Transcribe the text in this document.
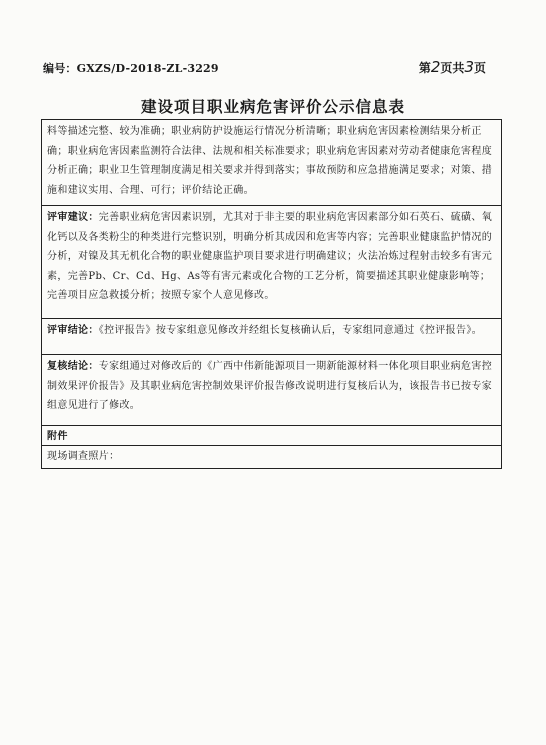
编号：GXZS/D-2018-ZL-3229	第2页共3页
建设项目职业病危害评价公示信息表
料等描述完整、较为准确；职业病防护设施运行情况分析清晰；职业病危害因素检测结果分析正确；职业病危害因素监测符合法律、法规和相关标准要求；职业病危害因素对劳动者健康危害程度分析正确；职业卫生管理制度满足相关要求并得到落实；事故预防和应急措施满足要求；对策、措施和建议实用、合理、可行；评价结论正确。
评审建议：完善职业病危害因素识别，尤其对于非主要的职业病危害因素部分如石英石、硫磺、氧化钙以及各类粉尘的种类进行完整识别，明确分析其成因和危害等内容；完善职业健康监护情况的分析，对镍及其无机化合物的职业健康监护项目要求进行明确建议；火法冶炼过程射击较多有害元素，完善Pb、Cr、Cd、Hg、As等有害元素或化合物的工艺分析，简要描述其职业健康影响等；完善项目应急救援分析；按照专家个人意见修改。
评审结论：《控评报告》按专家组意见修改并经组长复核确认后，专家组同意通过《控评报告》。
复核结论：专家组通过对修改后的《广西中伟新能源项目一期新能源材料一体化项目职业病危害控制效果评价报告》及其职业病危害控制效果评价报告修改说明进行复核后认为，该报告书已按专家组意见进行了修改。
附件
现场调查照片：
